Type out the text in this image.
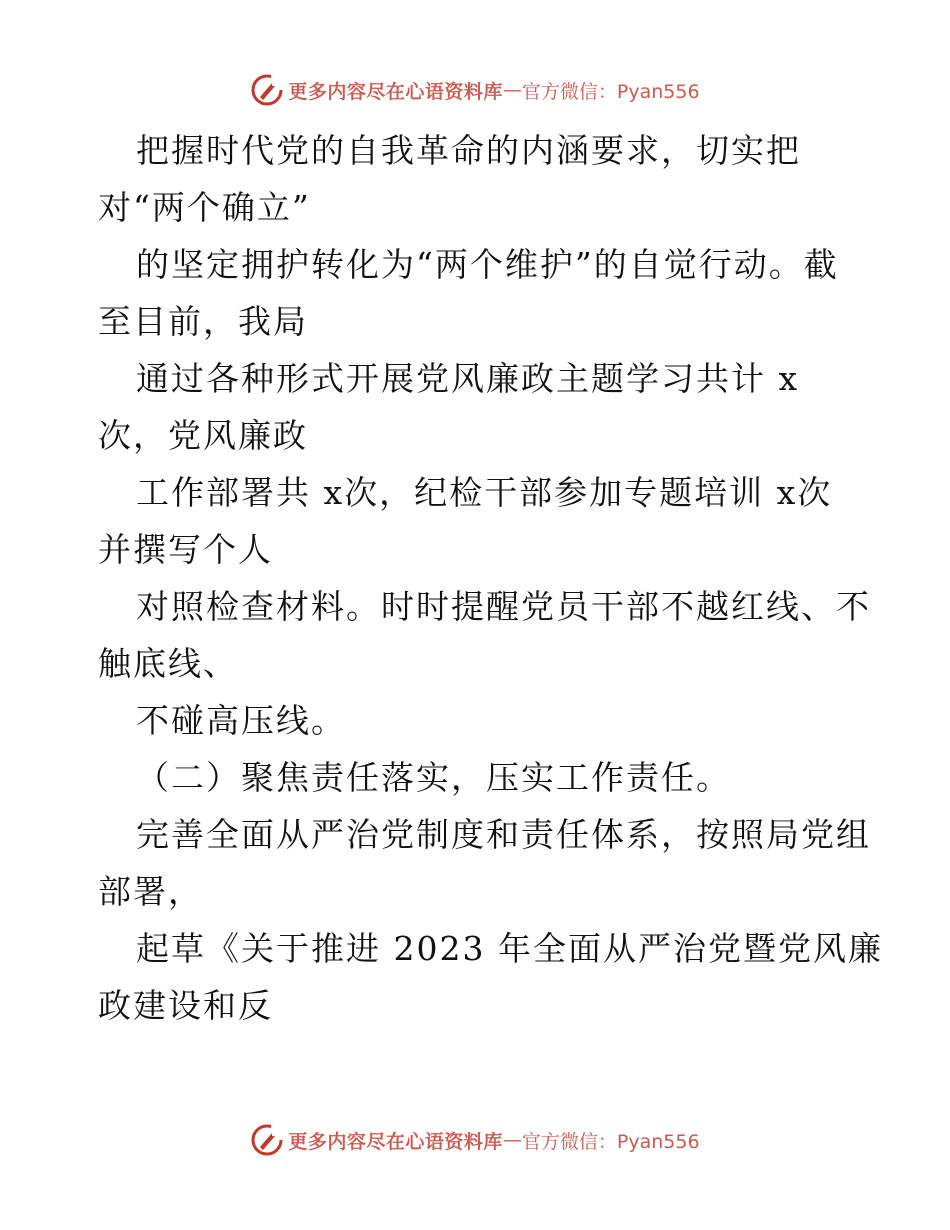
更多内容尽在心语资料库 — 官方微信：Pyan556
把握时代党的自我革命的内涵要求，切实把
对“两个确立”
的坚定拥护转化为“两个维护”的自觉行动。截
至目前，我局
通过各种形式开展党风廉政主题学习共计 x
次，党风廉政
工作部署共 x次，纪检干部参加专题培训 x次
并撰写个人
对照检查材料。时时提醒党员干部不越红线、不
触底线、
不碰高压线。
（二）聚焦责任落实，压实工作责任。
完善全面从严治党制度和责任体系，按照局党组
部署，
起草《关于推进 2023 年全面从严治党暨党风廉
政建设和反
更多内容尽在心语资料库 — 官方微信：Pyan556
